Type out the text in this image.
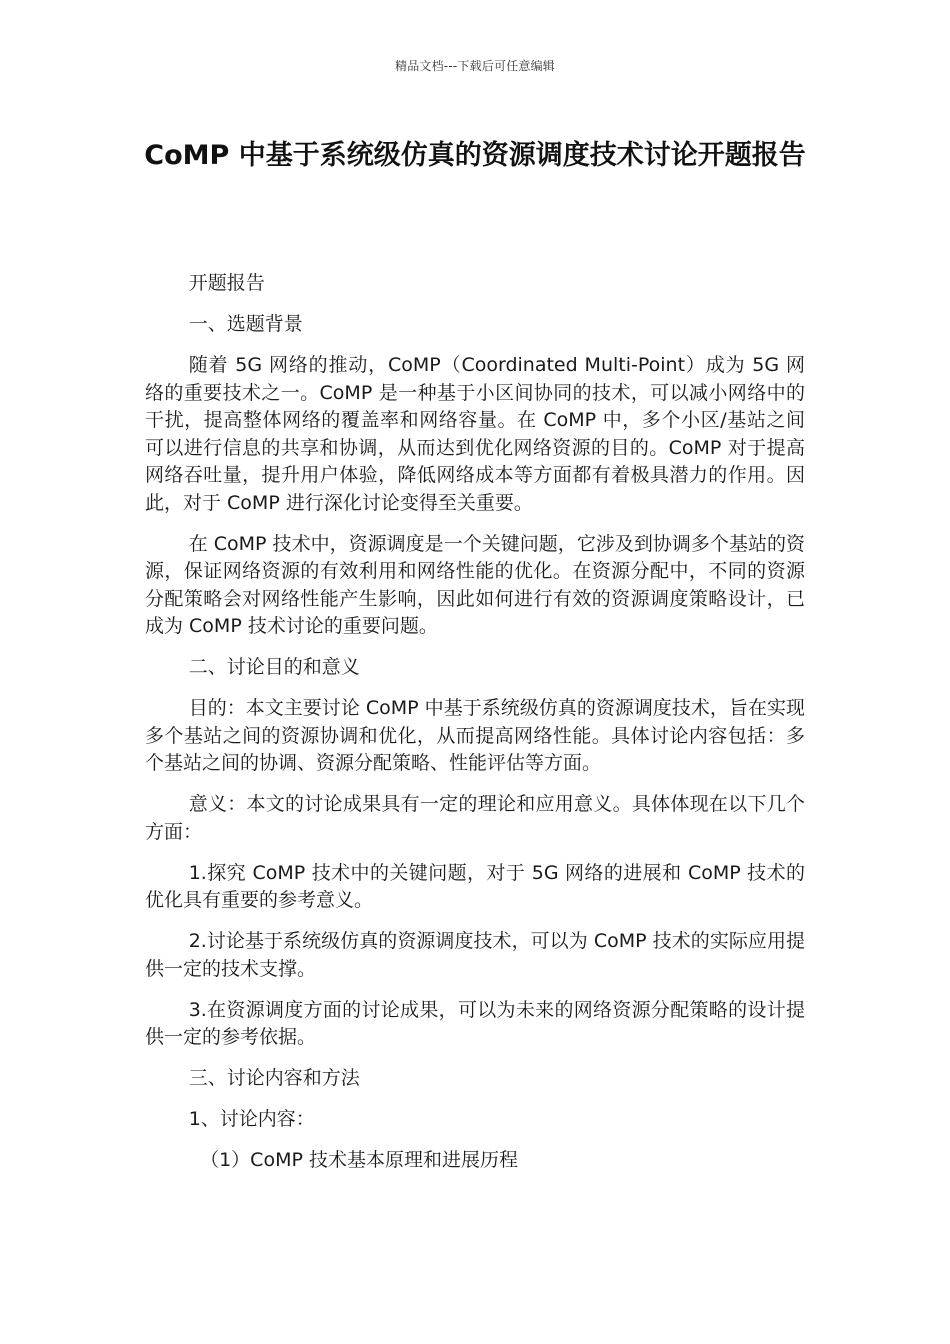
精品文档---下载后可任意编辑
CoMP 中基于系统级仿真的资源调度技术讨论开题报告

开题报告

一、选题背景

随着 5G 网络的推动，CoMP（Coordinated Multi-Point）成为 5G 网络的重要技术之一。CoMP 是一种基于小区间协同的技术，可以减小网络中的干扰，提高整体网络的覆盖率和网络容量。在 CoMP 中，多个小区/基站之间可以进行信息的共享和协调，从而达到优化网络资源的目的。CoMP 对于提高网络吞吐量，提升用户体验，降低网络成本等方面都有着极具潜力的作用。因此，对于 CoMP 进行深化讨论变得至关重要。

在 CoMP 技术中，资源调度是一个关键问题，它涉及到协调多个基站的资源，保证网络资源的有效利用和网络性能的优化。在资源分配中，不同的资源分配策略会对网络性能产生影响，因此如何进行有效的资源调度策略设计，已成为 CoMP 技术讨论的重要问题。

二、讨论目的和意义

目的：本文主要讨论 CoMP 中基于系统级仿真的资源调度技术，旨在实现多个基站之间的资源协调和优化，从而提高网络性能。具体讨论内容包括：多个基站之间的协调、资源分配策略、性能评估等方面。

意义：本文的讨论成果具有一定的理论和应用意义。具体体现在以下几个方面：

1.探究 CoMP 技术中的关键问题，对于 5G 网络的进展和 CoMP 技术的优化具有重要的参考意义。

2.讨论基于系统级仿真的资源调度技术，可以为 CoMP 技术的实际应用提供一定的技术支撑。

3.在资源调度方面的讨论成果，可以为未来的网络资源分配策略的设计提供一定的参考依据。

三、讨论内容和方法

1、讨论内容：

（1）CoMP 技术基本原理和进展历程
